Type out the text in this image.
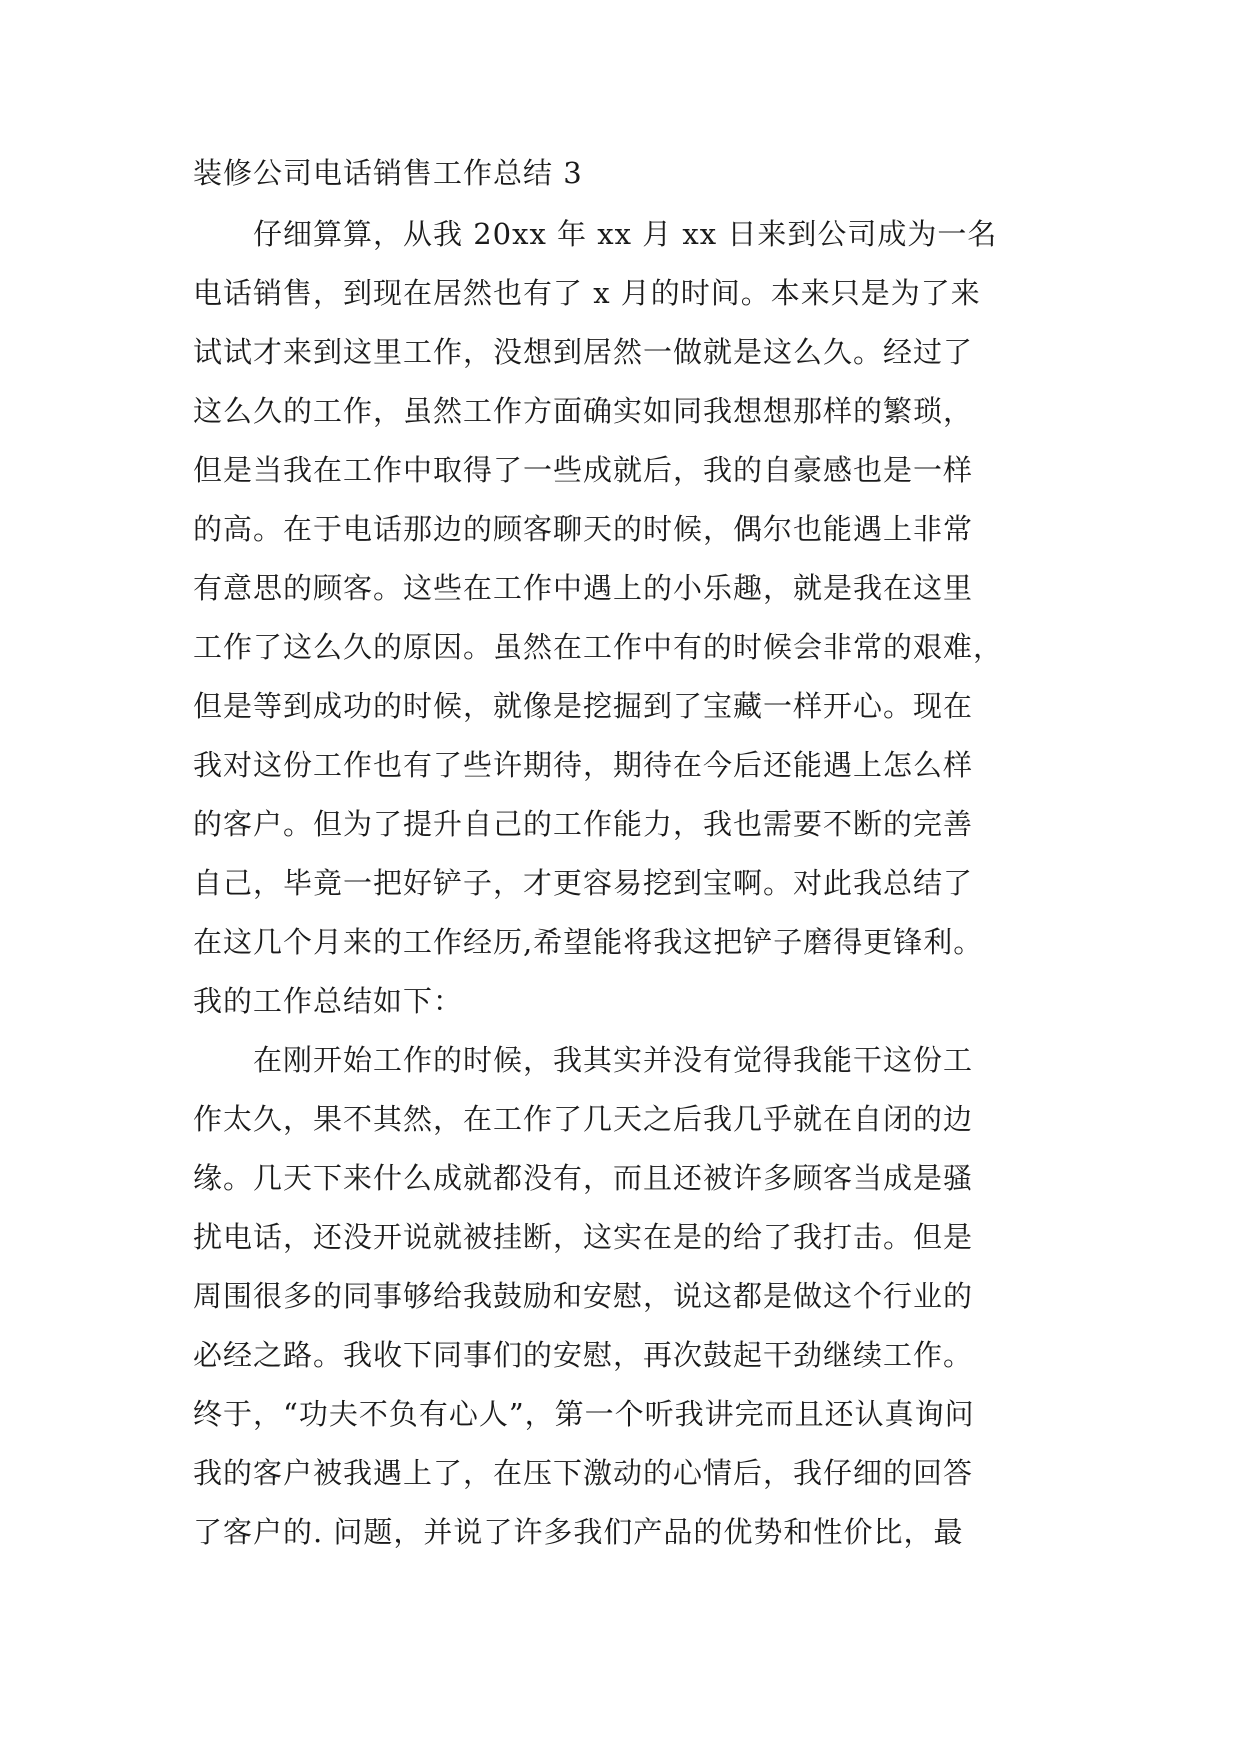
装修公司电话销售工作总结 3
　　仔细算算，从我 20xx 年 xx 月 xx 日来到公司成为一名
电话销售，到现在居然也有了 x 月的时间。本来只是为了来
试试才来到这里工作，没想到居然一做就是这么久。经过了
这么久的工作，虽然工作方面确实如同我想想那样的繁琐，
但是当我在工作中取得了一些成就后，我的自豪感也是一样
的高。在于电话那边的顾客聊天的时候，偶尔也能遇上非常
有意思的顾客。这些在工作中遇上的小乐趣，就是我在这里
工作了这么久的原因。虽然在工作中有的时候会非常的艰难，
但是等到成功的时候，就像是挖掘到了宝藏一样开心。现在
我对这份工作也有了些许期待，期待在今后还能遇上怎么样
的客户。但为了提升自己的工作能力，我也需要不断的完善
自己，毕竟一把好铲子，才更容易挖到宝啊。对此我总结了
在这几个月来的工作经历,希望能将我这把铲子磨得更锋利。
我的工作总结如下：
　　在刚开始工作的时候，我其实并没有觉得我能干这份工
作太久，果不其然，在工作了几天之后我几乎就在自闭的边
缘。几天下来什么成就都没有，而且还被许多顾客当成是骚
扰电话，还没开说就被挂断，这实在是的给了我打击。但是
周围很多的同事够给我鼓励和安慰，说这都是做这个行业的
必经之路。我收下同事们的安慰，再次鼓起干劲继续工作。
终于，“功夫不负有心人”，第一个听我讲完而且还认真询问
我的客户被我遇上了，在压下激动的心情后，我仔细的回答
了客户的. 问题，并说了许多我们产品的优势和性价比，最
